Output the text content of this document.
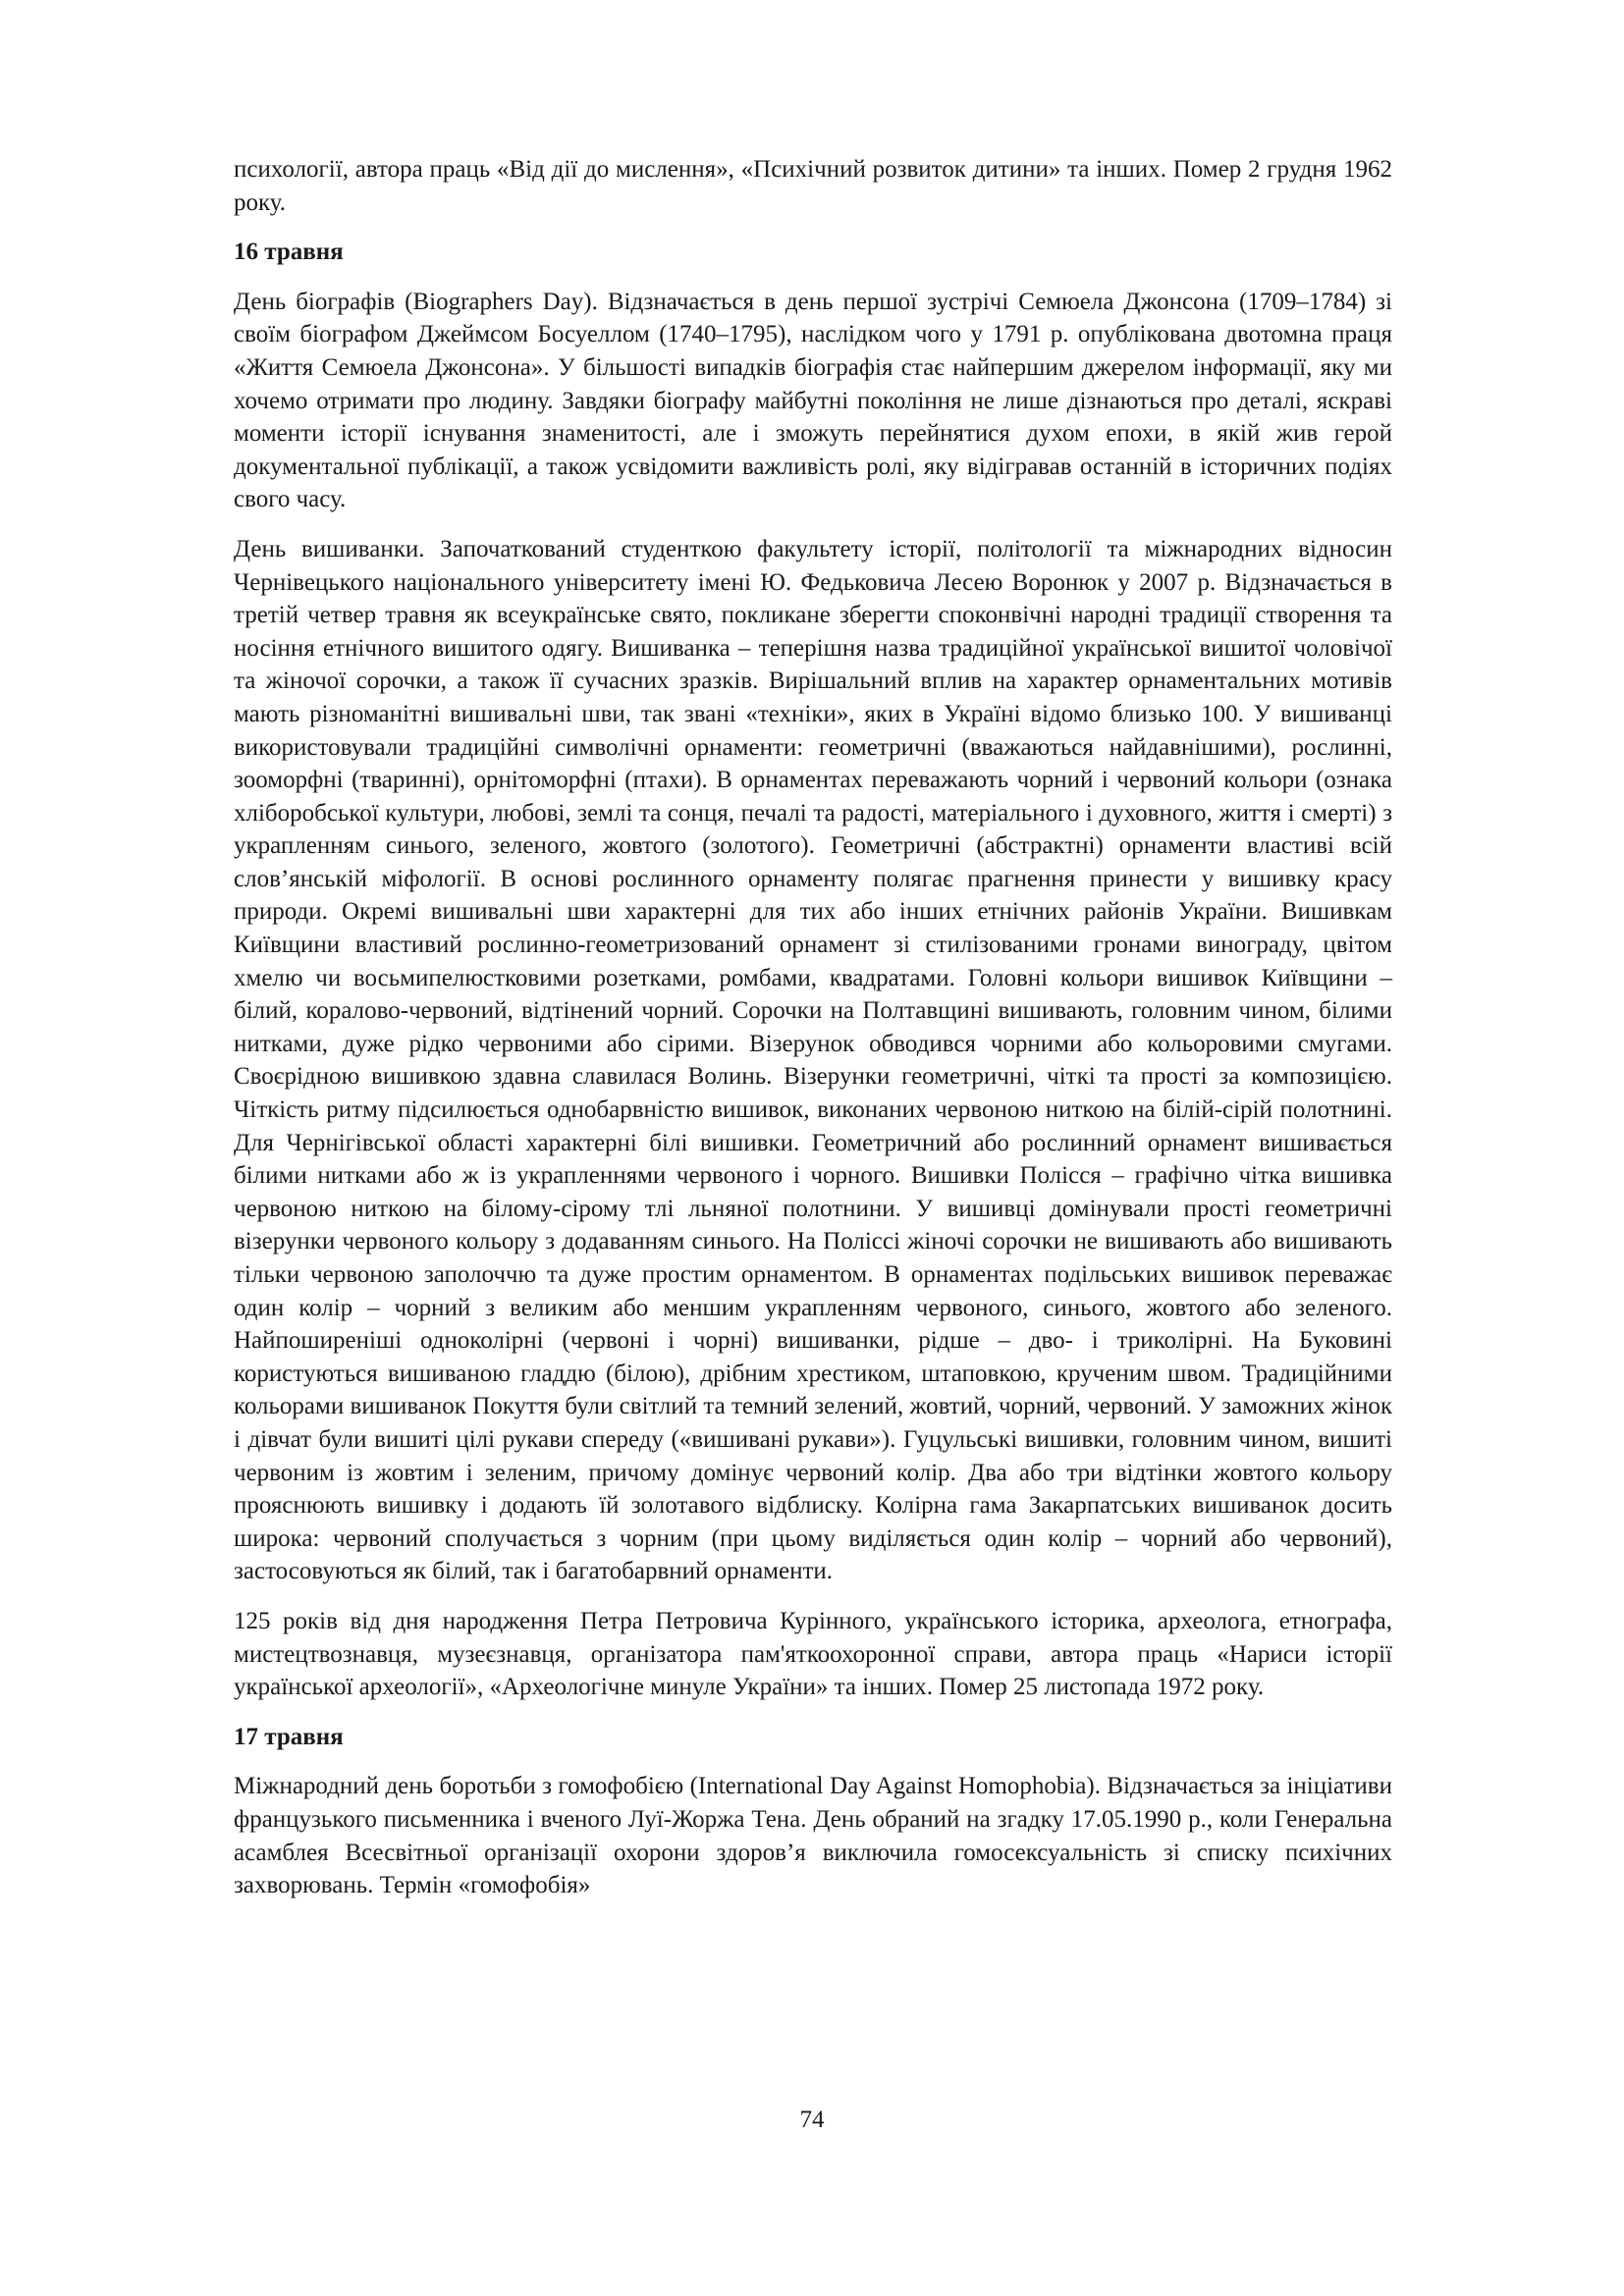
психології, автора праць «Від дії до мислення», «Психічний розвиток дитини» та інших. Помер 2 грудня 1962 року.

16 травня

День біографів (Biographers Day). Відзначається в день першої зустрічі Семюела Джонсона (1709–1784) зі своїм біографом Джеймсом Босуеллом (1740–1795), наслідком чого у 1791 р. опублікована двотомна праця «Життя Семюела Джонсона». У більшості випадків біографія стає найпершим джерелом інформації, яку ми хочемо отримати про людину. Завдяки біографу майбутні покоління не лише дізнаються про деталі, яскраві моменти історії існування знаменитості, але і зможуть перейнятися духом епохи, в якій жив герой документальної публікації, а також усвідомити важливість ролі, яку відігравав останній в історичних подіях свого часу.

День вишиванки. Започаткований студенткою факультету історії, політології та міжнародних відносин Чернівецького національного університету імені Ю. Федьковича Лесею Воронюк у 2007 р. Відзначається в третій четвер травня як всеукраїнське свято, покликане зберегти споконвічні народні традиції створення та носіння етнічного вишитого одягу. Вишиванка – теперішня назва традиційної української вишитої чоловічої та жіночої сорочки, а також її сучасних зразків. Вирішальний вплив на характер орнаментальних мотивів мають різноманітні вишивальні шви, так звані «техніки», яких в Україні відомо близько 100. У вишиванці використовували традиційні символічні орнаменти: геометричні (вважаються найдавнішими), рослинні, зооморфні (тваринні), орнітоморфні (птахи). В орнаментах переважають чорний і червоний кольори (ознака хліборобської культури, любові, землі та сонця, печалі та радості, матеріального і духовного, життя і смерті) з украпленням синього, зеленого, жовтого (золотого). Геометричні (абстрактні) орнаменти властиві всій слов’янській міфології. В основі рослинного орнаменту полягає прагнення принести у вишивку красу природи. Окремі вишивальні шви характерні для тих або інших етнічних районів України. Вишивкам Київщини властивий рослинно-геометризований орнамент зі стилізованими гронами винограду, цвітом хмелю чи восьмипелюстковими розетками, ромбами, квадратами. Головні кольори вишивок Київщини – білий, коралово-червоний, відтінений чорний. Сорочки на Полтавщині вишивають, головним чином, білими нитками, дуже рідко червоними або сірими. Візерунок обводився чорними або кольоровими смугами. Своєрідною вишивкою здавна славилася Волинь. Візерунки геометричні, чіткі та прості за композицією. Чіткість ритму підсилюється однобарвністю вишивок, виконаних червоною ниткою на білій-сірій полотнині. Для Чернігівської області характерні білі вишивки. Геометричний або рослинний орнамент вишивається білими нитками або ж із украпленнями червоного і чорного. Вишивки Полісся – графічно чітка вишивка червоною ниткою на білому-сірому тлі льняної полотнини. У вишивці домінували прості геометричні візерунки червоного кольору з додаванням синього. На Поліссі жіночі сорочки не вишивають або вишивають тільки червоною заполоччю та дуже простим орнаментом. В орнаментах подільських вишивок переважає один колір – чорний з великим або меншим украпленням червоного, синього, жовтого або зеленого. Найпоширеніші одноколірні (червоні і чорні) вишиванки, рідше – дво- і триколірні. На Буковині користуються вишиваною гладдю (білою), дрібним хрестиком, штаповкою, крученим швом. Традиційними кольорами вишиванок Покуття були світлий та темний зелений, жовтий, чорний, червоний. У заможних жінок і дівчат були вишиті цілі рукави спереду («вишивані рукави»). Гуцульські вишивки, головним чином, вишиті червоним із жовтим і зеленим, причому домінує червоний колір. Два або три відтінки жовтого кольору прояснюють вишивку і додають їй золотавого відблиску. Колірна гама Закарпатських вишиванок досить широка: червоний сполучається з чорним (при цьому виділяється один колір – чорний або червоний), застосовуються як білий, так і багатобарвний орнаменти.

125 років від дня народження Петра Петровича Курінного, українського історика, археолога, етнографа, мистецтвознавця, музеєзнавця, організатора пам'яткоохоронної справи, автора праць «Нариси історії української археології», «Археологічне минуле України» та інших. Помер 25 листопада 1972 року.

17 травня

Міжнародний день боротьби з гомофобією (International Day Against Homophobia). Відзначається за ініціативи французького письменника і вченого Луї-Жоржа Тена. День обраний на згадку 17.05.1990 р., коли Генеральна асамблея Всесвітньої організації охорони здоров’я виключила гомосексуальність зі списку психічних захворювань. Термін «гомофобія»

74
